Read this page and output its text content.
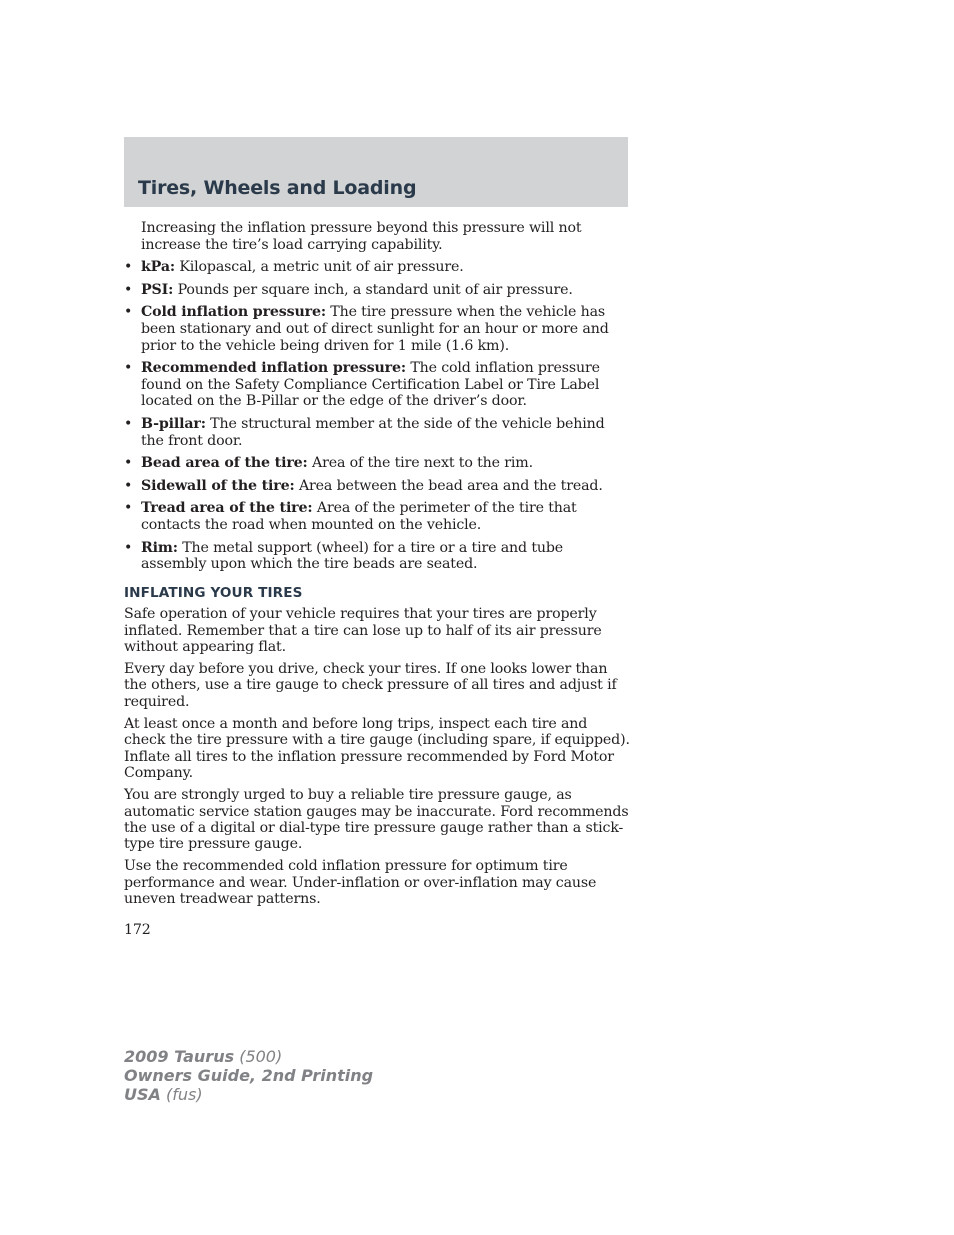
Tires, Wheels and Loading

Increasing the inflation pressure beyond this pressure will not increase the tire’s load carrying capability.

• kPa: Kilopascal, a metric unit of air pressure.
• PSI: Pounds per square inch, a standard unit of air pressure.
• Cold inflation pressure: The tire pressure when the vehicle has been stationary and out of direct sunlight for an hour or more and prior to the vehicle being driven for 1 mile (1.6 km).
• Recommended inflation pressure: The cold inflation pressure found on the Safety Compliance Certification Label or Tire Label located on the B-Pillar or the edge of the driver’s door.
• B-pillar: The structural member at the side of the vehicle behind the front door.
• Bead area of the tire: Area of the tire next to the rim.
• Sidewall of the tire: Area between the bead area and the tread.
• Tread area of the tire: Area of the perimeter of the tire that contacts the road when mounted on the vehicle.
• Rim: The metal support (wheel) for a tire or a tire and tube assembly upon which the tire beads are seated.
INFLATING YOUR TIRES

Safe operation of your vehicle requires that your tires are properly inflated. Remember that a tire can lose up to half of its air pressure without appearing flat.

Every day before you drive, check your tires. If one looks lower than the others, use a tire gauge to check pressure of all tires and adjust if required.

At least once a month and before long trips, inspect each tire and check the tire pressure with a tire gauge (including spare, if equipped). Inflate all tires to the inflation pressure recommended by Ford Motor Company.

You are strongly urged to buy a reliable tire pressure gauge, as automatic service station gauges may be inaccurate. Ford recommends the use of a digital or dial-type tire pressure gauge rather than a stick-type tire pressure gauge.

Use the recommended cold inflation pressure for optimum tire performance and wear. Under-inflation or over-inflation may cause uneven treadwear patterns.

172
2009 Taurus (500)
Owners Guide, 2nd Printing
USA (fus)
